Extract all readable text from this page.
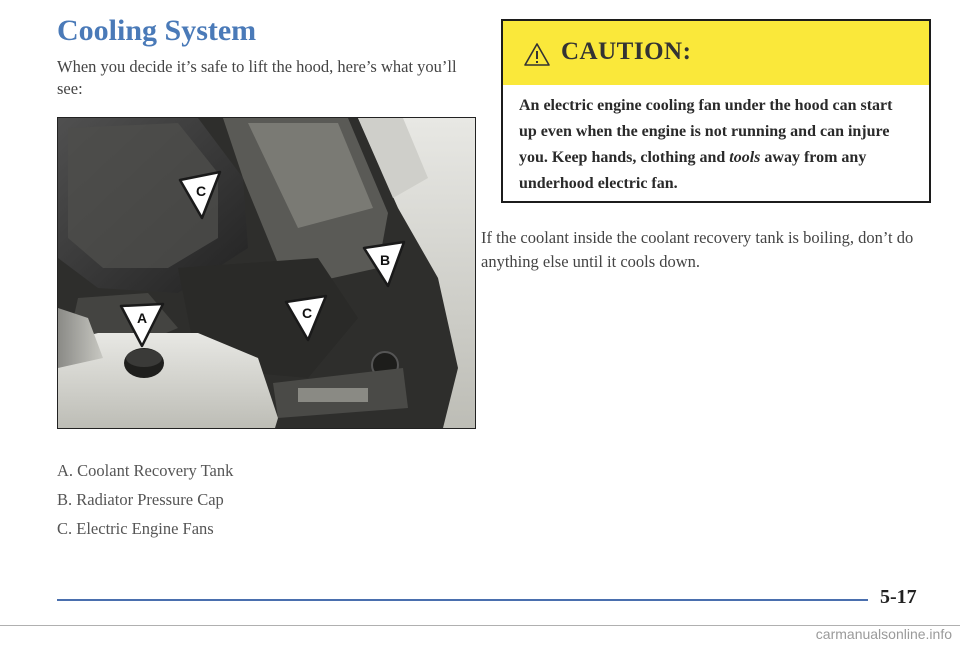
Cooling System

When you decide it’s safe to lift the hood, here’s what you’ll see:

C
B
C
A
A. Coolant Recovery Tank
B. Radiator Pressure Cap
C. Electric Engine Fans
CAUTION:

An electric engine cooling fan under the hood can start up even when the engine is not running and can injure you. Keep hands, clothing and tools away from any underhood electric fan.

If the coolant inside the coolant recovery tank is boiling, don’t do anything else until it cools down.

5-17
carmanualsonline.info
